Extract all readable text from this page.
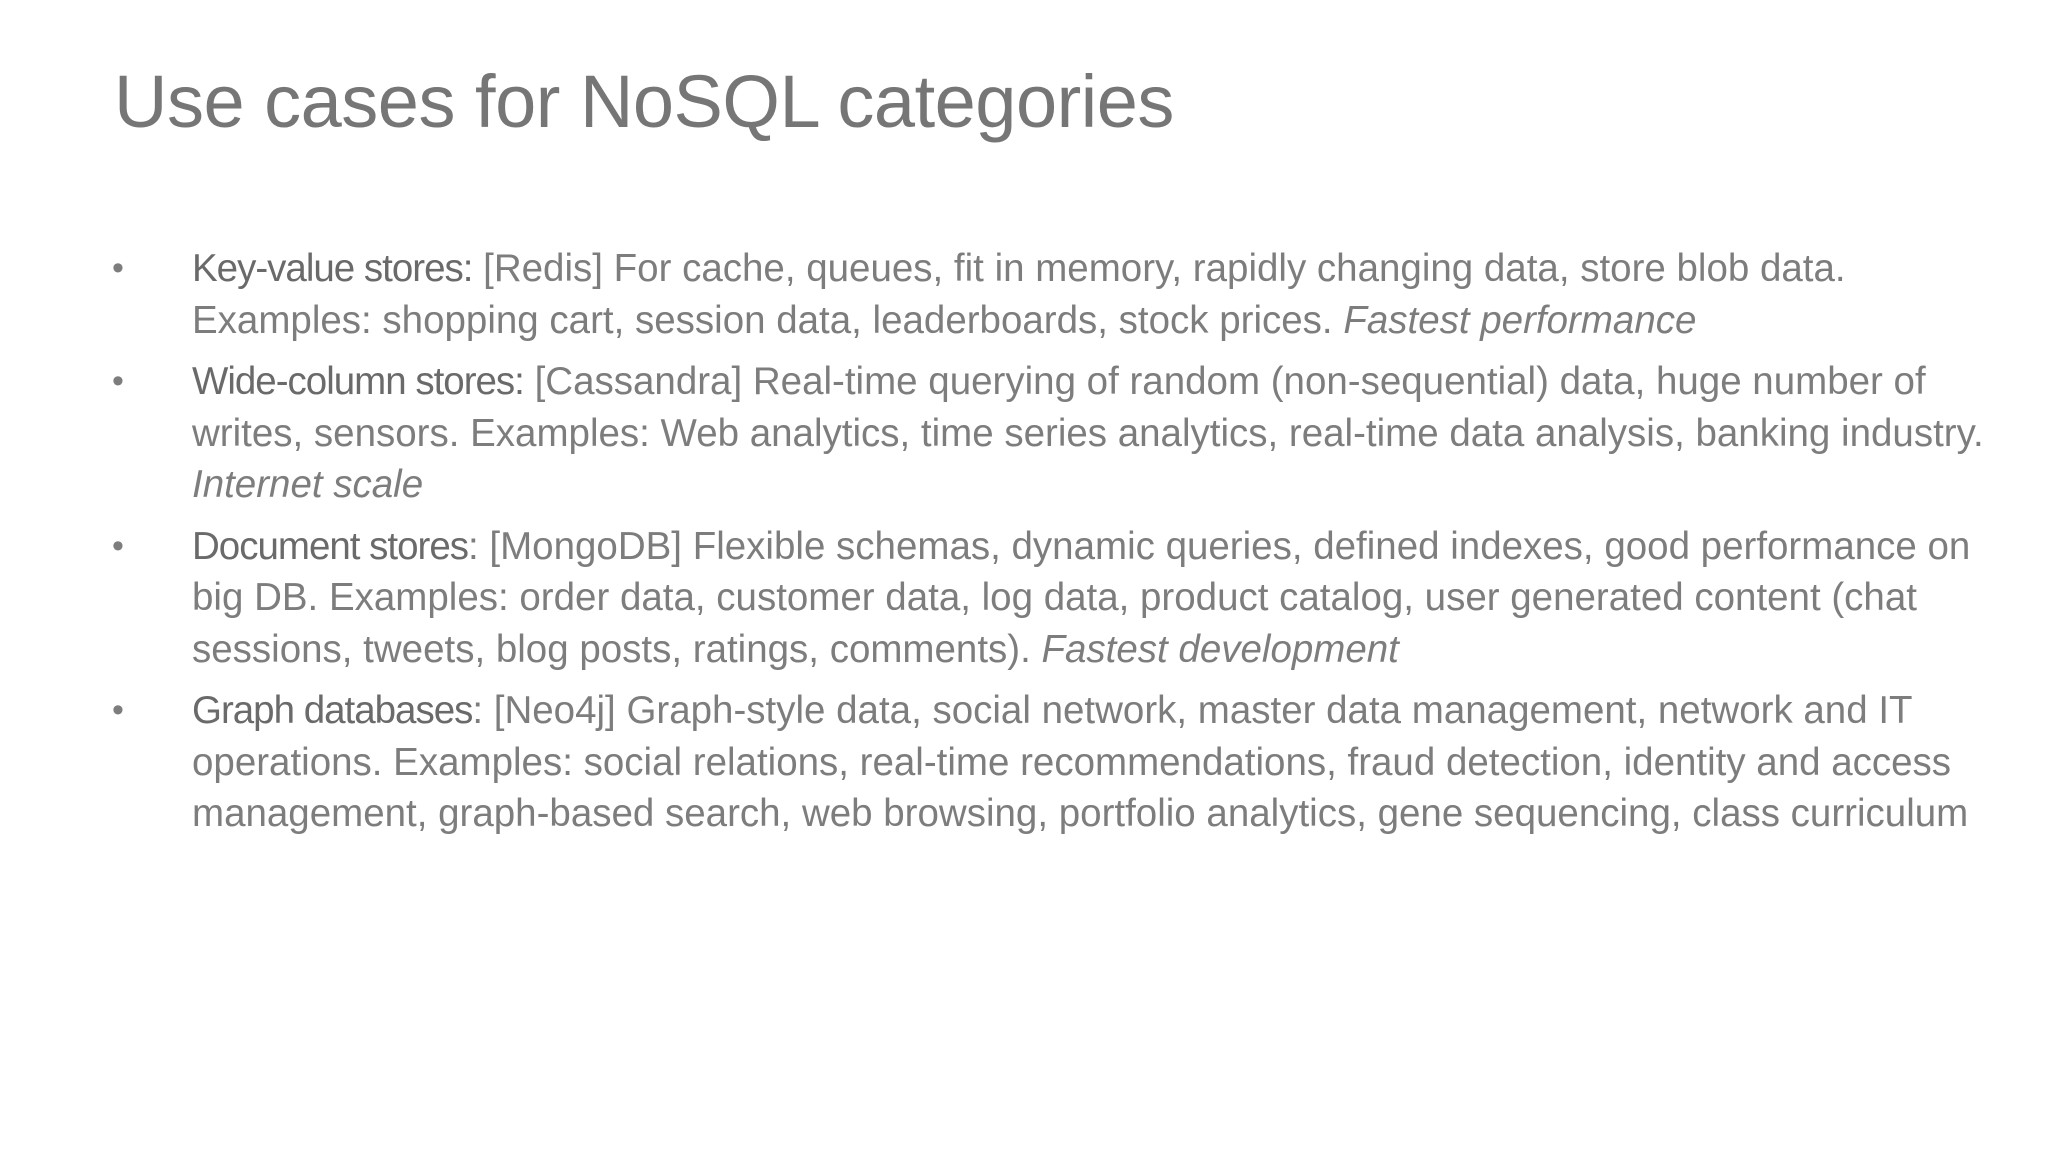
Use cases for NoSQL categories
•	Key-value stores: [Redis] For cache, queues, fit in memory, rapidly changing data, store blob data. Examples: shopping cart, session data, leaderboards, stock prices. Fastest performance
•	Wide-column stores: [Cassandra] Real-time querying of random (non-sequential) data, huge number of writes, sensors. Examples: Web analytics, time series analytics, real-time data analysis, banking industry. Internet scale
•	Document stores: [MongoDB] Flexible schemas, dynamic queries, defined indexes, good performance on big DB. Examples: order data, customer data, log data, product catalog, user generated content (chat sessions, tweets, blog posts, ratings, comments). Fastest development
•	Graph databases: [Neo4j] Graph-style data, social network, master data management, network and IT operations. Examples: social relations, real-time recommendations, fraud detection, identity and access management, graph-based search, web browsing, portfolio analytics, gene sequencing, class curriculum
